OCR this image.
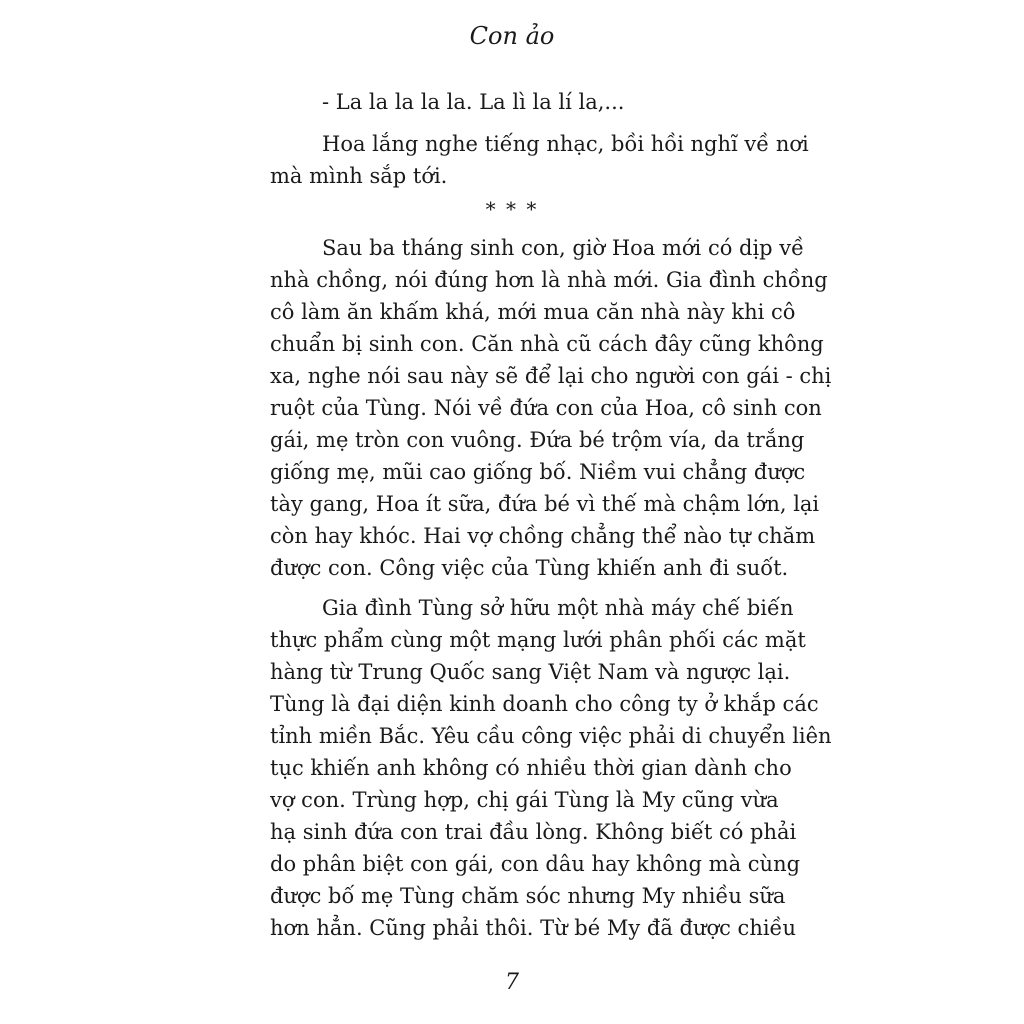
Con ảo
- La la la la la. La lì la lí la,...
Hoa lắng nghe tiếng nhạc, bồi hồi nghĩ về nơi
mà mình sắp tới.
* * *
Sau ba tháng sinh con, giờ Hoa mới có dịp về
nhà chồng, nói đúng hơn là nhà mới. Gia đình chồng
cô làm ăn khấm khá, mới mua căn nhà này khi cô
chuẩn bị sinh con. Căn nhà cũ cách đây cũng không
xa, nghe nói sau này sẽ để lại cho người con gái - chị
ruột của Tùng. Nói về đứa con của Hoa, cô sinh con
gái, mẹ tròn con vuông. Đứa bé trộm vía, da trắng
giống mẹ, mũi cao giống bố. Niềm vui chẳng được
tày gang, Hoa ít sữa, đứa bé vì thế mà chậm lớn, lại
còn hay khóc. Hai vợ chồng chẳng thể nào tự chăm
được con. Công việc của Tùng khiến anh đi suốt.
Gia đình Tùng sở hữu một nhà máy chế biến
thực phẩm cùng một mạng lưới phân phối các mặt
hàng từ Trung Quốc sang Việt Nam và ngược lại.
Tùng là đại diện kinh doanh cho công ty ở khắp các
tỉnh miền Bắc. Yêu cầu công việc phải di chuyển liên
tục khiến anh không có nhiều thời gian dành cho
vợ con. Trùng hợp, chị gái Tùng là My cũng vừa
hạ sinh đứa con trai đầu lòng. Không biết có phải
do phân biệt con gái, con dâu hay không mà cùng
được bố mẹ Tùng chăm sóc nhưng My nhiều sữa
hơn hẳn. Cũng phải thôi. Từ bé My đã được chiều
7
